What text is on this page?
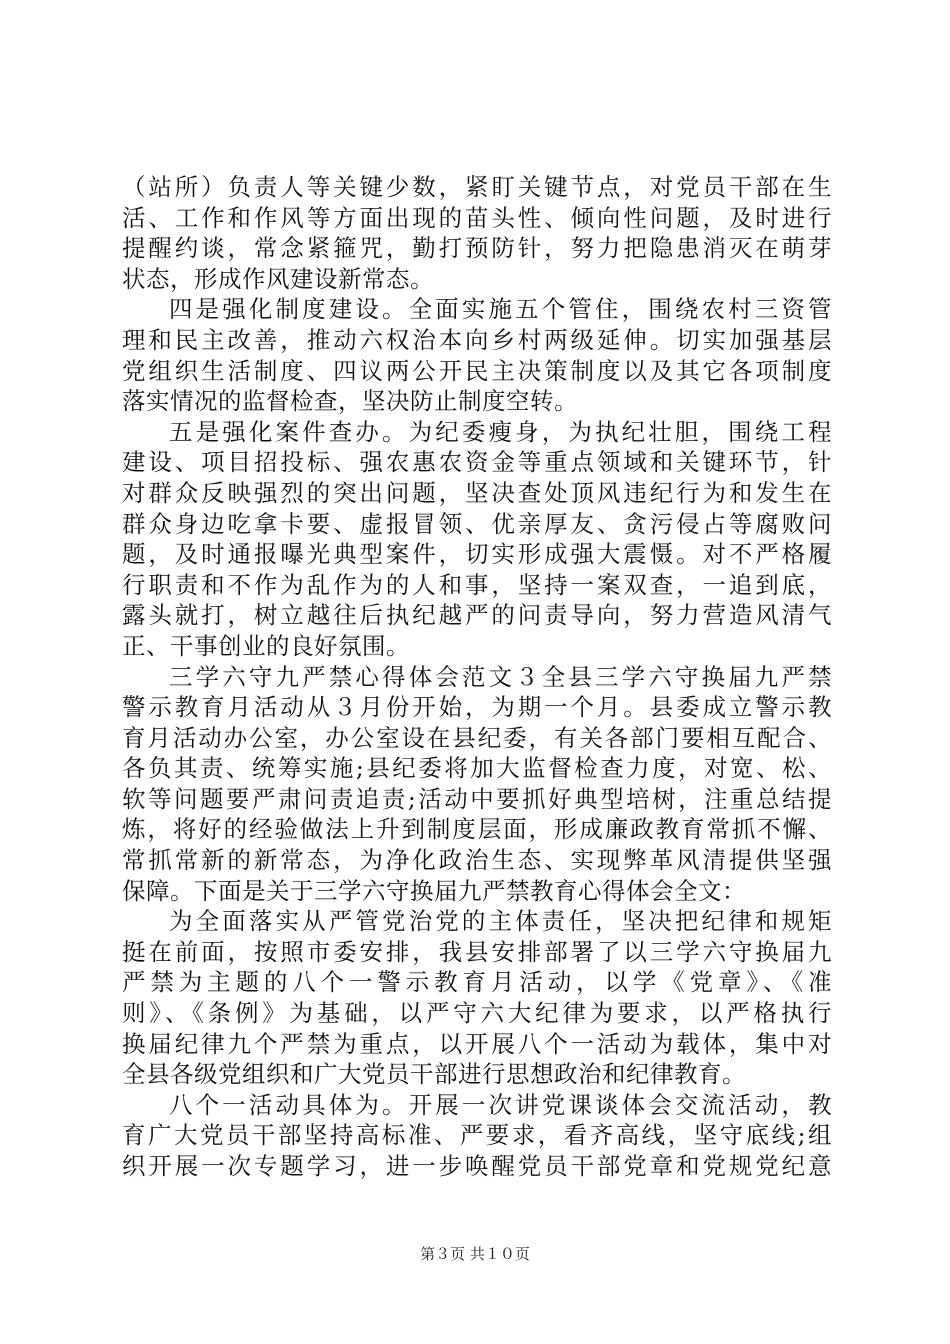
（站所）负责人等关键少数，紧盯关键节点，对党员干部在生
活、工作和作风等方面出现的苗头性、倾向性问题，及时进行
提醒约谈，常念紧箍咒，勤打预防针，努力把隐患消灭在萌芽
状态，形成作风建设新常态。
四是强化制度建设。全面实施五个管住，围绕农村三资管
理和民主改善，推动六权治本向乡村两级延伸。切实加强基层
党组织生活制度、四议两公开民主决策制度以及其它各项制度
落实情况的监督检查，坚决防止制度空转。
五是强化案件查办。为纪委瘦身，为执纪壮胆，围绕工程
建设、项目招投标、强农惠农资金等重点领域和关键环节，针
对群众反映强烈的突出问题，坚决查处顶风违纪行为和发生在
群众身边吃拿卡要、虚报冒领、优亲厚友、贪污侵占等腐败问
题，及时通报曝光典型案件，切实形成强大震慑。对不严格履
行职责和不作为乱作为的人和事，坚持一案双查，一追到底，
露头就打，树立越往后执纪越严的问责导向，努力营造风清气
正、干事创业的良好氛围。
三学六守九严禁心得体会范文３全县三学六守换届九严禁
警示教育月活动从３月份开始，为期一个月。县委成立警示教
育月活动办公室，办公室设在县纪委，有关各部门要相互配合、
各负其责、统筹实施;县纪委将加大监督检查力度，对宽、松、
软等问题要严肃问责追责;活动中要抓好典型培树，注重总结提
炼，将好的经验做法上升到制度层面，形成廉政教育常抓不懈、
常抓常新的新常态，为净化政治生态、实现弊革风清提供坚强
保障。下面是关于三学六守换届九严禁教育心得体会全文：
为全面落实从严管党治党的主体责任，坚决把纪律和规矩
挺在前面，按照市委安排，我县安排部署了以三学六守换届九
严禁为主题的八个一警示教育月活动，以学《党章》、《准
则》、《条例》为基础，以严守六大纪律为要求，以严格执行
换届纪律九个严禁为重点，以开展八个一活动为载体，集中对
全县各级党组织和广大党员干部进行思想政治和纪律教育。
八个一活动具体为。开展一次讲党课谈体会交流活动，教
育广大党员干部坚持高标准、严要求，看齐高线，坚守底线;组
织开展一次专题学习，进一步唤醒党员干部党章和党规党纪意
第３页 共１０页
